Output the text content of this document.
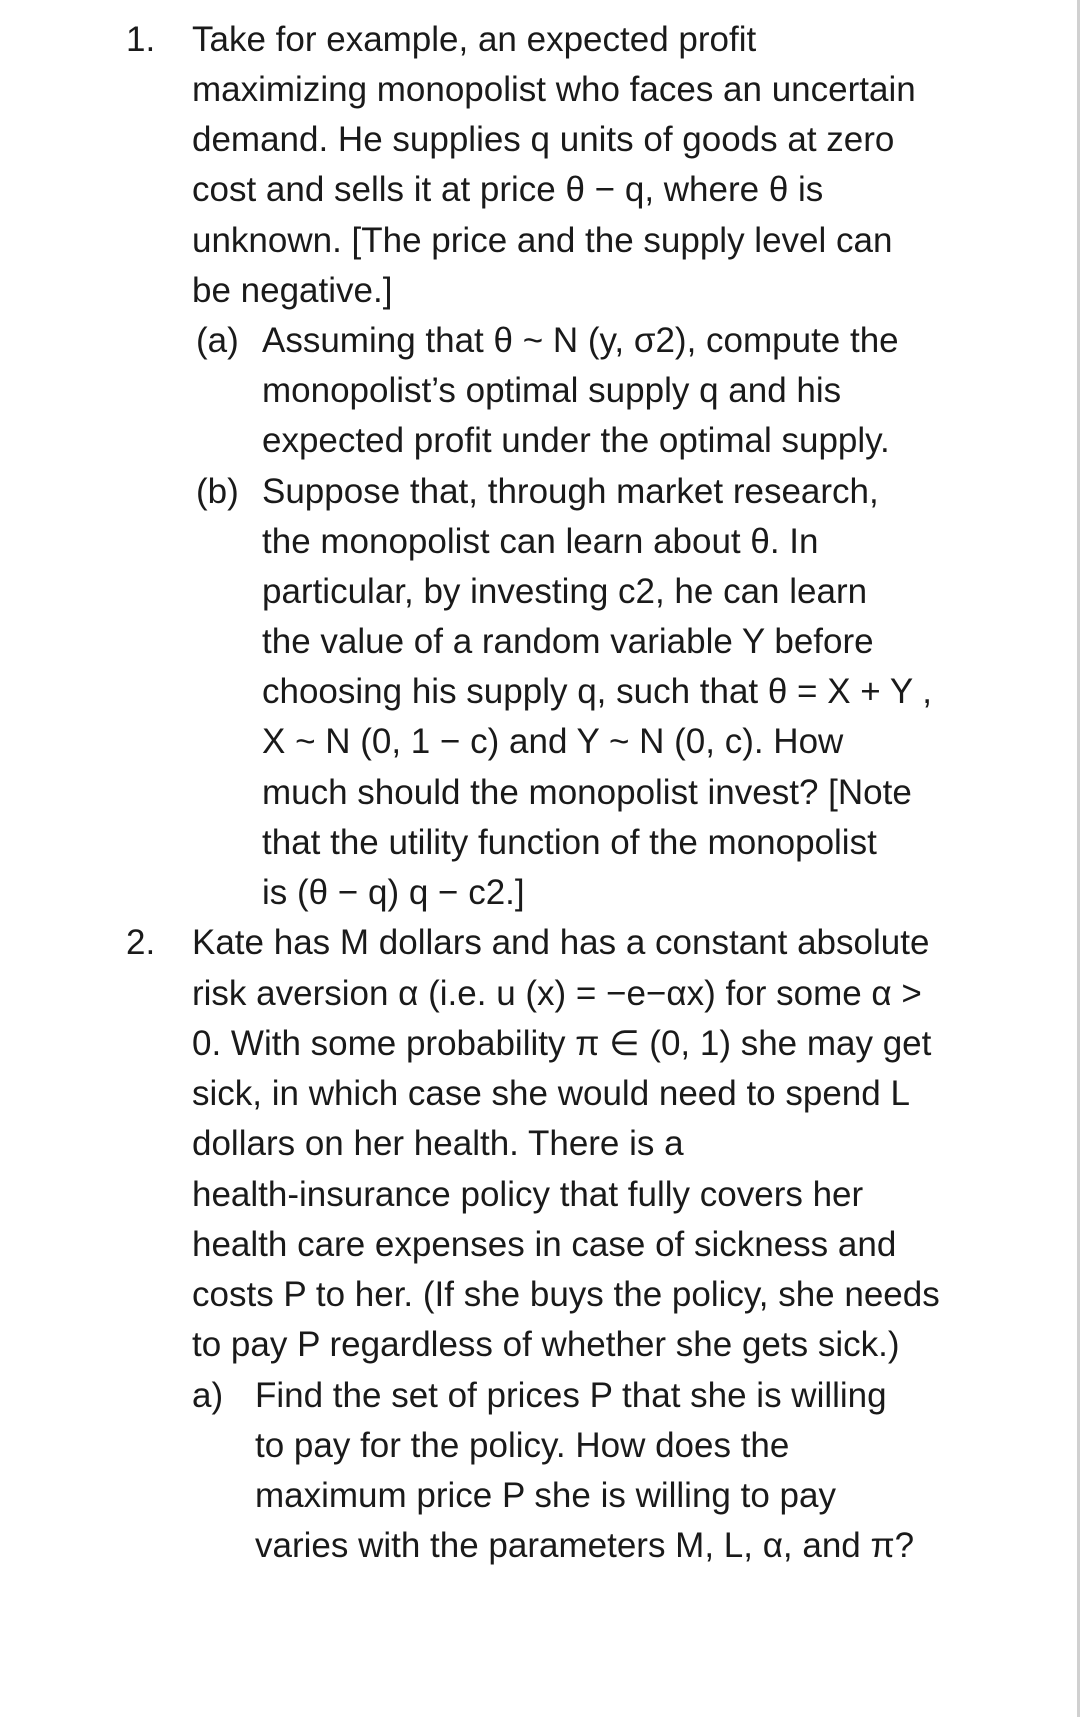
1. Take for example, an expected profit
maximizing monopolist who faces an uncertain
demand. He supplies q units of goods at zero
cost and sells it at price θ − q, where θ is
unknown. [The price and the supply level can
be negative.]
(a) Assuming that θ ~ N (y, σ2), compute the
monopolist’s optimal supply q and his
expected profit under the optimal supply.
(b) Suppose that, through market research,
the monopolist can learn about θ. In
particular, by investing c2, he can learn
the value of a random variable Y before
choosing his supply q, such that θ = X + Y ,
X ~ N (0, 1 − c) and Y ~ N (0, c). How
much should the monopolist invest? [Note
that the utility function of the monopolist
is (θ − q) q − c2.]
2. Kate has M dollars and has a constant absolute
risk aversion α (i.e. u (x) = −e−αx) for some α >
0. With some probability π ∈ (0, 1) she may get
sick, in which case she would need to spend L
dollars on her health. There is a
health-insurance policy that fully covers her
health care expenses in case of sickness and
costs P to her. (If she buys the policy, she needs
to pay P regardless of whether she gets sick.)
a) Find the set of prices P that she is willing
to pay for the policy. How does the
maximum price P she is willing to pay
varies with the parameters M, L, α, and π?
